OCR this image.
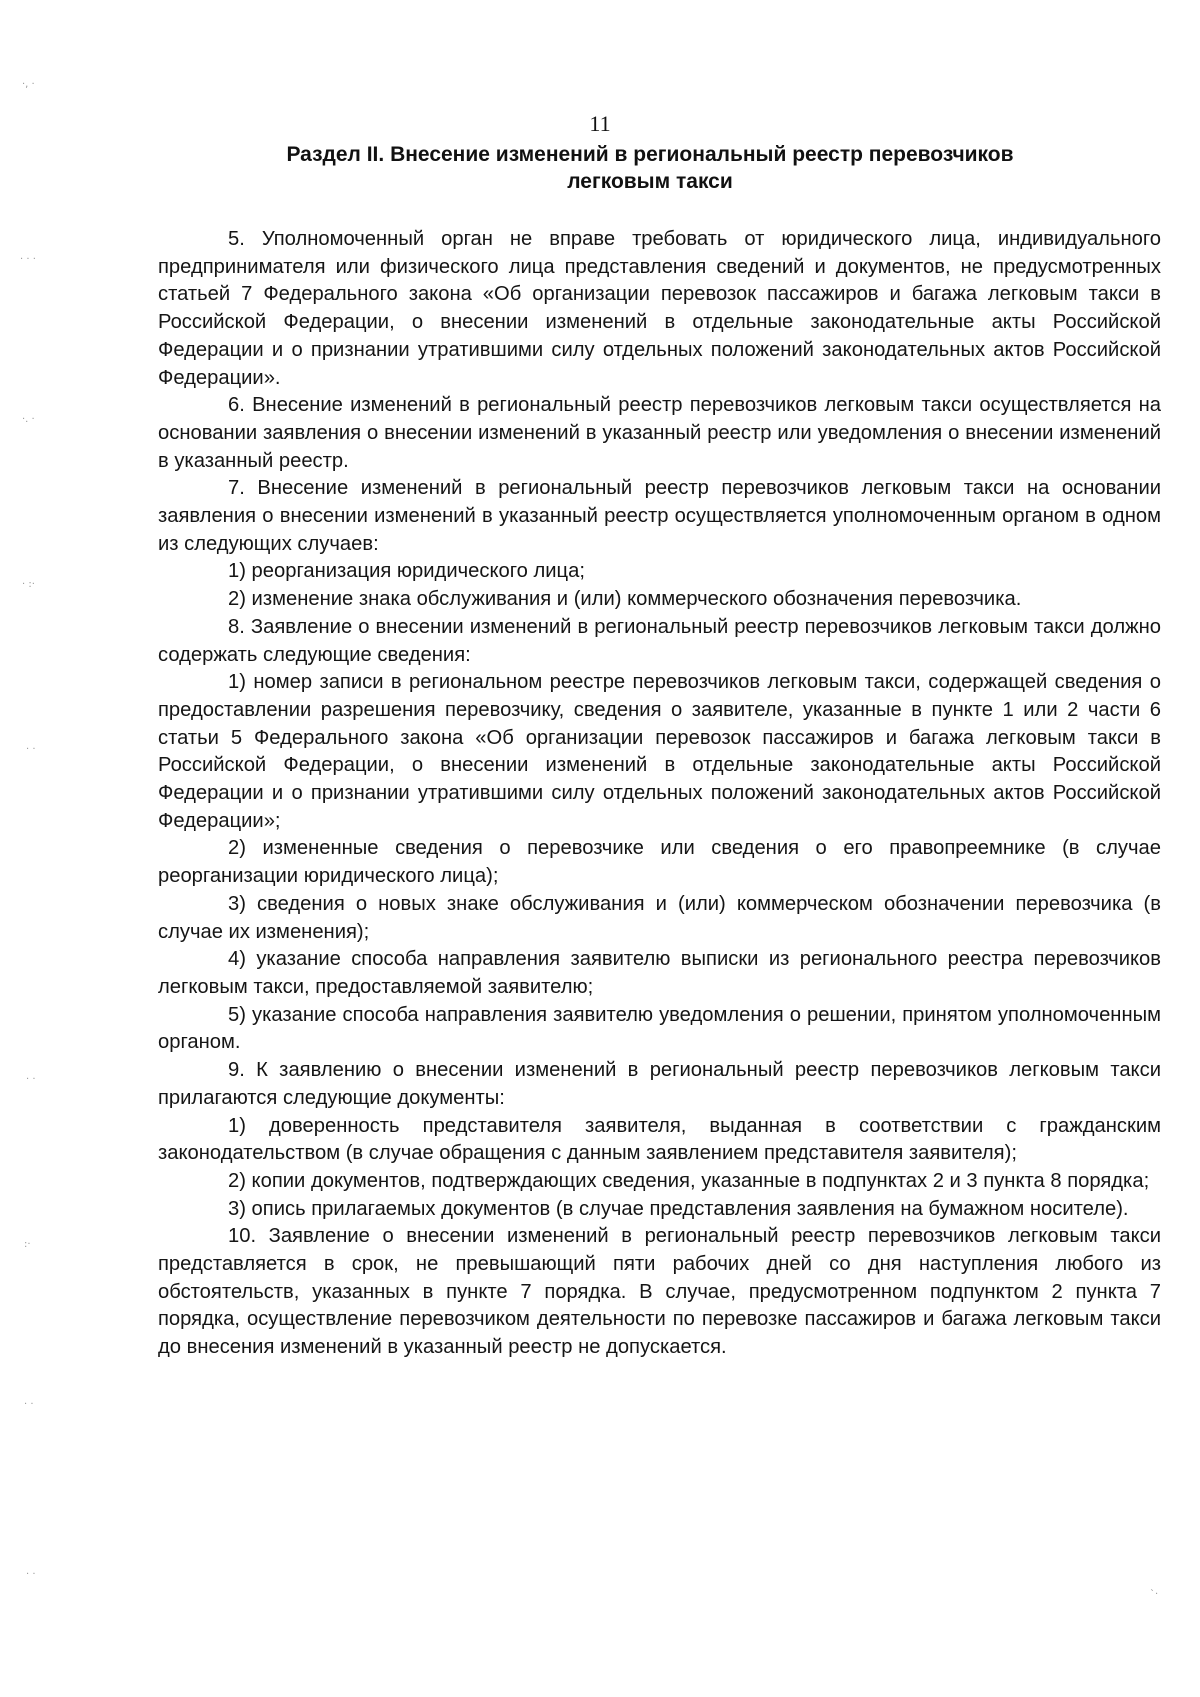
11
Раздел II. Внесение изменений в региональный реестр перевозчиков
легковым такси

5. Уполномоченный орган не вправе требовать от юридического лица, индивидуального предпринимателя или физического лица представления сведений и документов, не предусмотренных статьей 7 Федерального закона «Об организации перевозок пассажиров и багажа легковым такси в Российской Федерации, о внесении изменений в отдельные законодательные акты Российской Федерации и о признании утратившими силу отдельных положений законодательных актов Российской Федерации».

6. Внесение изменений в региональный реестр перевозчиков легковым такси осуществляется на основании заявления о внесении изменений в указанный реестр или уведомления о внесении изменений в указанный реестр.

7. Внесение изменений в региональный реестр перевозчиков легковым такси на основании заявления о внесении изменений в указанный реестр осуществляется уполномоченным органом в одном из следующих случаев:

1) реорганизация юридического лица;

2) изменение знака обслуживания и (или) коммерческого обозначения перевозчика.

8. Заявление о внесении изменений в региональный реестр перевозчиков легковым такси должно содержать следующие сведения:

1) номер записи в региональном реестре перевозчиков легковым такси, содержащей сведения о предоставлении разрешения перевозчику, сведения о заявителе, указанные в пункте 1 или 2 части 6 статьи 5 Федерального закона «Об организации перевозок пассажиров и багажа легковым такси в Российской Федерации, о внесении изменений в отдельные законодательные акты Российской Федерации и о признании утратившими силу отдельных положений законодательных актов Российской Федерации»;

2) измененные сведения о перевозчике или сведения о его правопреемнике (в случае реорганизации юридического лица);

3) сведения о новых знаке обслуживания и (или) коммерческом обозначении перевозчика (в случае их изменения);

4) указание способа направления заявителю выписки из регионального реестра перевозчиков легковым такси, предоставляемой заявителю;

5) указание способа направления заявителю уведомления о решении, принятом уполномоченным органом.

9. К заявлению о внесении изменений в региональный реестр перевозчиков легковым такси прилагаются следующие документы:

1) доверенность представителя заявителя, выданная в соответствии с гражданским законодательством (в случае обращения с данным заявлением представителя заявителя);

2) копии документов, подтверждающих сведения, указанные в подпунктах 2 и 3 пункта 8 порядка;

3) опись прилагаемых документов (в случае представления заявления на бумажном носителе).

10. Заявление о внесении изменений в региональный реестр перевозчиков легковым такси представляется в срок, не превышающий пяти рабочих дней со дня наступления любого из обстоятельств, указанных в пункте 7 порядка. В случае, предусмотренном подпунктом 2 пункта 7 порядка, осуществление перевозчиком деятельности по перевозке пассажиров и багажа легковым такси до внесения изменений в указанный реестр не допускается.

·, ·
· · ·
·. ·
· :·
· ·
· ·
:·
· ·
· ·
`·
